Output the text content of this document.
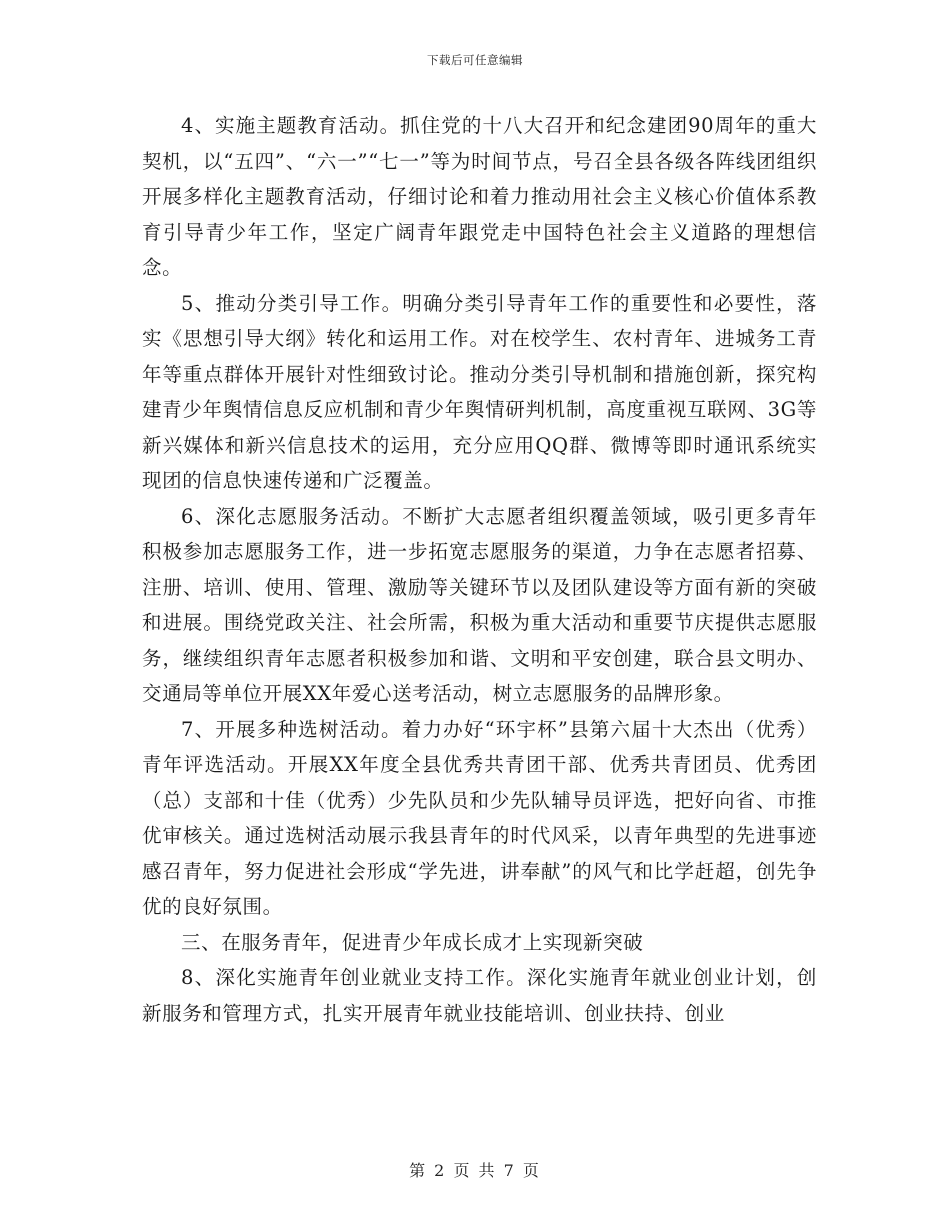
下载后可任意编辑

4、实施主题教育活动。抓住党的十八大召开和纪念建团90周年的重大契机，以“五四”、“六一”“七一”等为时间节点，号召全县各级各阵线团组织开展多样化主题教育活动，仔细讨论和着力推动用社会主义核心价值体系教育引导青少年工作，坚定广阔青年跟党走中国特色社会主义道路的理想信念。

5、推动分类引导工作。明确分类引导青年工作的重要性和必要性，落实《思想引导大纲》转化和运用工作。对在校学生、农村青年、进城务工青年等重点群体开展针对性细致讨论。推动分类引导机制和措施创新，探究构建青少年舆情信息反应机制和青少年舆情研判机制，高度重视互联网、3G等新兴媒体和新兴信息技术的运用，充分应用QQ群、微博等即时通讯系统实现团的信息快速传递和广泛覆盖。

6、深化志愿服务活动。不断扩大志愿者组织覆盖领域，吸引更多青年积极参加志愿服务工作，进一步拓宽志愿服务的渠道，力争在志愿者招募、注册、培训、使用、管理、激励等关键环节以及团队建设等方面有新的突破和进展。围绕党政关注、社会所需，积极为重大活动和重要节庆提供志愿服务，继续组织青年志愿者积极参加和谐、文明和平安创建，联合县文明办、交通局等单位开展XX年爱心送考活动，树立志愿服务的品牌形象。

7、开展多种选树活动。着力办好“环宇杯”县第六届十大杰出（优秀）青年评选活动。开展XX年度全县优秀共青团干部、优秀共青团员、优秀团（总）支部和十佳（优秀）少先队员和少先队辅导员评选，把好向省、市推优审核关。通过选树活动展示我县青年的时代风采，以青年典型的先进事迹感召青年，努力促进社会形成“学先进，讲奉献”的风气和比学赶超，创先争优的良好氛围。

三、在服务青年，促进青少年成长成才上实现新突破

8、深化实施青年创业就业支持工作。深化实施青年就业创业计划，创新服务和管理方式，扎实开展青年就业技能培训、创业扶持、创业

第 2 页 共 7 页
